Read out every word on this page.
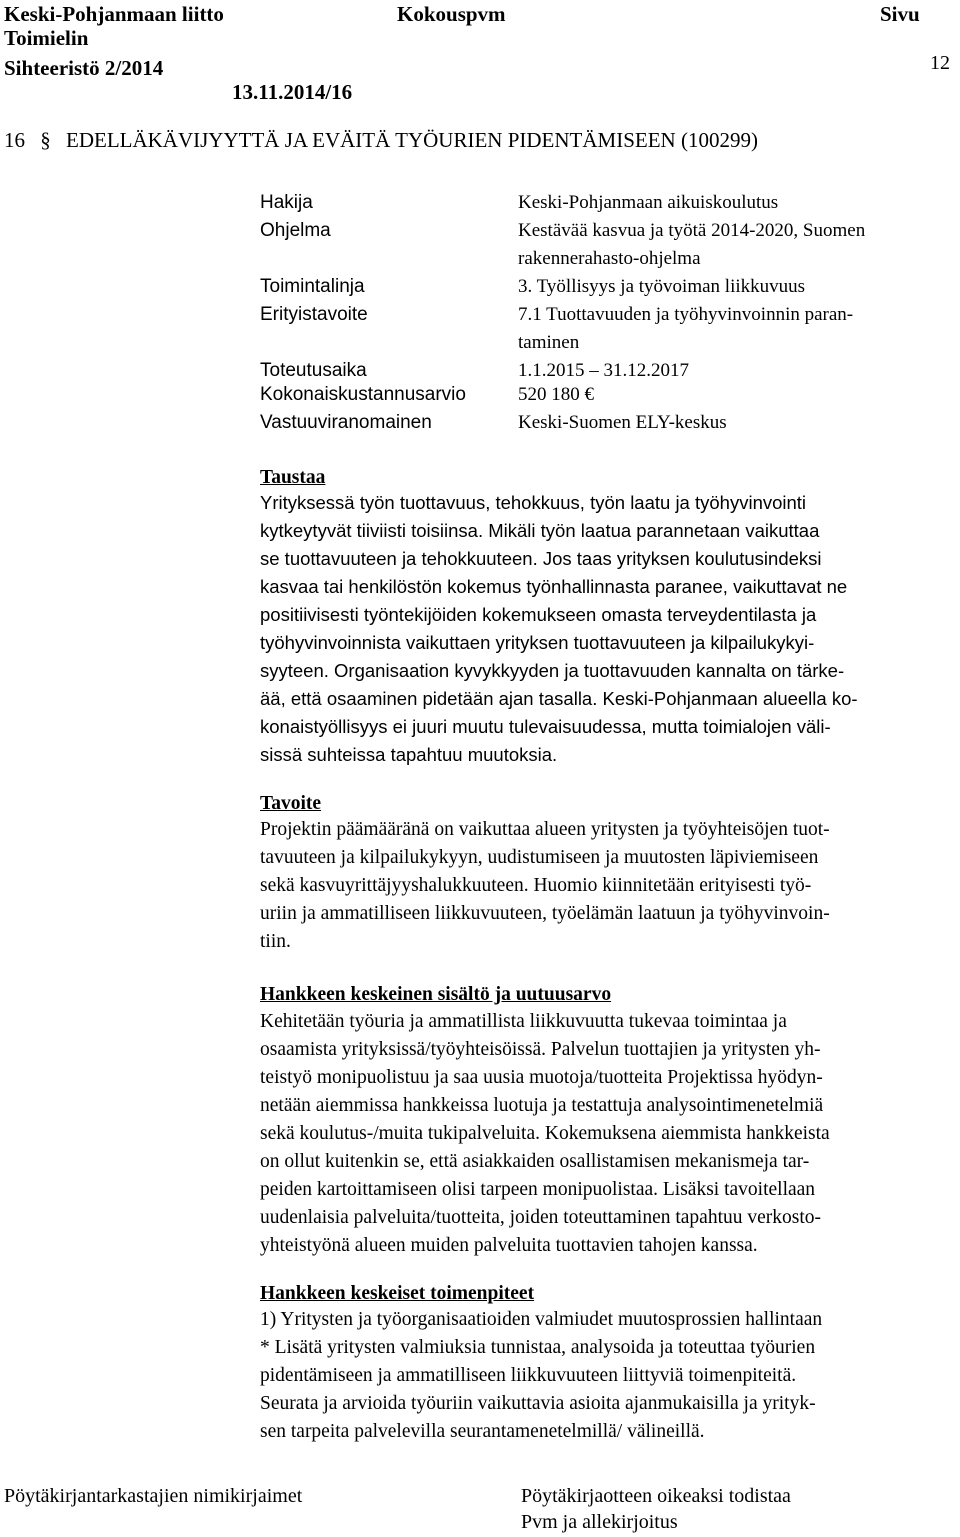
Keski-Pohjanmaan liitto	Kokouspvm	Sivu
Toimielin
Sihteeristö 2/2014
13.11.2014/16
12
16 § EDELLÄKÄVIJYYTTÄ JA EVÄITÄ TYÖURIEN PIDENTÄMISEEN (100299)
Hakija	Keski-Pohjanmaan aikuiskoulutus
Ohjelma	Kestävää kasvua ja työtä 2014-2020, Suomen
rakennerahasto-ohjelma
Toimintalinja	3. Työllisyys ja työvoiman liikkuvuus
Erityistavoite	7.1 Tuottavuuden ja työhyvinvoinnin paran-
taminen
Toteutusaika	1.1.2015 – 31.12.2017
Kokonaiskustannusarvio	520 180 €
Vastuuviranomainen	Keski-Suomen ELY-keskus
Taustaa
Yrityksessä työn tuottavuus, tehokkuus, työn laatu ja työhyvinvointi
kytkeytyvät tiiviisti toisiinsa. Mikäli työn laatua parannetaan vaikuttaa
se tuottavuuteen ja tehokkuuteen. Jos taas yrityksen koulutusindeksi
kasvaa tai henkilöstön kokemus työnhallinnasta paranee, vaikuttavat ne
positiivisesti työntekijöiden kokemukseen omasta terveydentilasta ja
työhyvinvoinnista vaikuttaen yrityksen tuottavuuteen ja kilpailukykyi-
syyteen. Organisaation kyvykkyyden ja tuottavuuden kannalta on tärke-
ää, että osaaminen pidetään ajan tasalla. Keski-Pohjanmaan alueella ko-
konaistyöllisyys ei juuri muutu tulevaisuudessa, mutta toimialojen väli-
sissä suhteissa tapahtuu muutoksia.
Tavoite
Projektin päämääränä on vaikuttaa alueen yritysten ja työyhteisöjen tuot-
tavuuteen ja kilpailukykyyn, uudistumiseen ja muutosten läpiviemiseen
sekä kasvuyrittäjyyshalukkuuteen. Huomio kiinnitetään erityisesti työ-
uriin ja ammatilliseen liikkuvuuteen, työelämän laatuun ja työhyvinvoin-
tiin.
Hankkeen keskeinen sisältö ja uutuusarvo
Kehitetään työuria ja ammatillista liikkuvuutta tukevaa toimintaa ja
osaamista yrityksissä/työyhteisöissä. Palvelun tuottajien ja yritysten yh-
teistyö monipuolistuu ja saa uusia muotoja/tuotteita Projektissa hyödyn-
netään aiemmissa hankkeissa luotuja ja testattuja analysointimenetelmiä
sekä koulutus-/muita tukipalveluita. Kokemuksena aiemmista hankkeista
on ollut kuitenkin se, että asiakkaiden osallistamisen mekanismeja tar-
peiden kartoittamiseen olisi tarpeen monipuolistaa. Lisäksi tavoitellaan
uudenlaisia palveluita/tuotteita, joiden toteuttaminen tapahtuu verkosto-
yhteistyönä alueen muiden palveluita tuottavien tahojen kanssa.
Hankkeen keskeiset toimenpiteet
1) Yritysten ja työorganisaatioiden valmiudet muutosprossien hallintaan
* Lisätä yritysten valmiuksia tunnistaa, analysoida ja toteuttaa työurien
pidentämiseen ja ammatilliseen liikkuvuuteen liittyviä toimenpiteitä.
Seurata ja arvioida työuriin vaikuttavia asioita ajanmukaisilla ja yrityk-
sen tarpeita palvelevilla seurantamenetelmillä/ välineillä.
Pöytäkirjantarkastajien nimikirjaimet	Pöytäkirjaotteen oikeaksi todistaa
Pvm ja allekirjoitus
